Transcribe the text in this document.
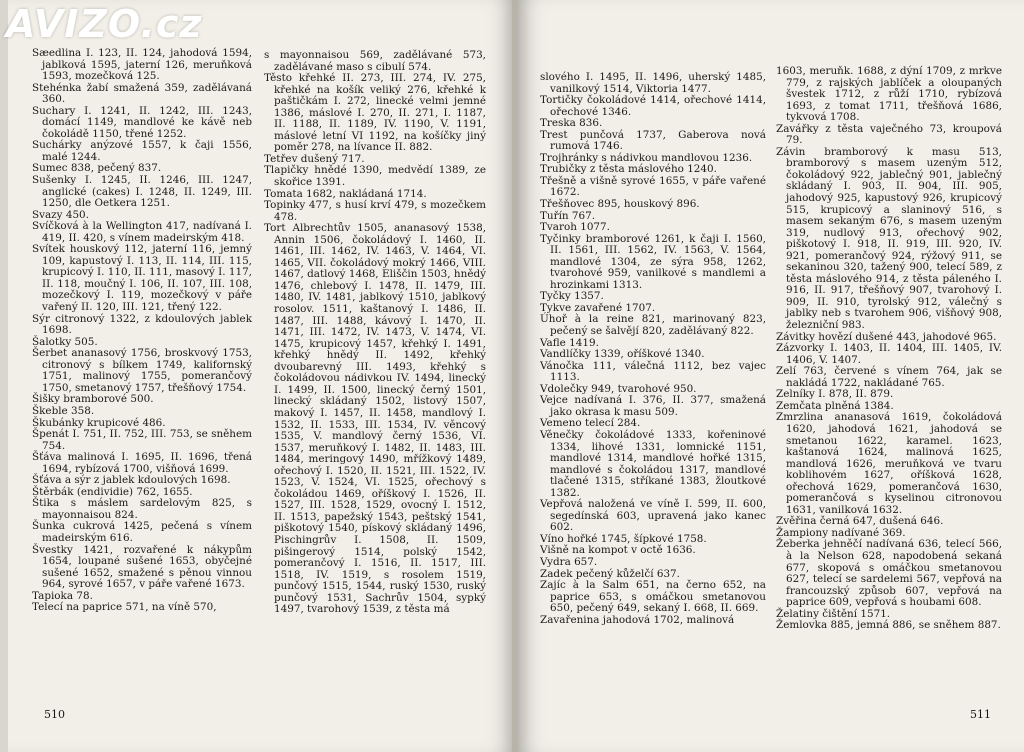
Sæedlina I. 123, II. 124, jahodová 1594, jablková 1595, jaterní 126, meruňková 1593, mozečková 125.

Stehénka žabí smažená 359, zadělávaná 360.

Suchary I. 1241, II. 1242, III. 1243, domácí 1149, mandlové ke kávě neb čokoládě 1150, třené 1252.

Suchárky anýzové 1557, k čaji 1556, malé 1244.

Sumec 838, pečený 837.

Sušenky I. 1245, II. 1246, III. 1247, anglické (cakes) I. 1248, II. 1249, III. 1250, dle Oetkera 1251.

Svazy 450.

Svíčková à la Wellington 417, nadívaná I. 419, II. 420, s vínem madeirským 418.

Svítek houskový 112, jaterní 116, jemný 109, kapustový I. 113, II. 114, III. 115, krupicový I. 110, II. 111, masový I. 117, II. 118, moučný I. 106, II. 107, III. 108, mozečkový I. 119, mozečkový v páře vařený II. 120, III. 121, třený 122.

Sýr citronový 1322, z kdoulových jablek 1698.

Šalotky 505.

Šerbet ananasový 1756, broskvový 1753, citronový s bílkem 1749, kalifornský 1751, malinový 1755, pomerančový 1750, smetanový 1757, třešňový 1754.

Šišky bramborové 500.

Škeble 358.

Škubánky krupicové 486.

Špenát I. 751, II. 752, III. 753, se sněhem 754.

Šťáva malinová I. 1695, II. 1696, třená 1694, rybízová 1700, višňová 1699.

Šťáva a sýr z jablek kdoulových 1698.

Štěrbák (endividie) 762, 1655.

Štika s máslem sardelovým 825, s mayonnaisou 824.

Šunka cukrová 1425, pečená s vínem madeirským 616.

Švestky 1421, rozvařené k nákypům 1654, loupané sušené 1653, obyčejné sušené 1652, smažené s pěnou vinnou 964, syrové 1657, v páře vařené 1673.

Tapioka 78.

Telecí na paprice 571, na víně 570,

s mayonnaisou 569, zadělávané 573, zadělávané maso s cibulí 574.

Těsto křehké II. 273, III. 274, IV. 275, křehké na košík veliký 276, křehké k paštičkám I. 272, linecké velmi jemné 1386, máslové I. 270, II. 271, I. 1187, II. 1188, II. 1189, IV. 1190, V. 1191, máslové letní VI 1192, na košíčky jiný poměr 278, na lívance II. 882.

Tetřev dušený 717.

Tlapičky hnědé 1390, medvědí 1389, ze skořice 1391.

Tomata 1682, nakládaná 1714.

Topinky 477, s husí krví 479, s mozečkem 478.

Tort Albrechtův 1505, ananasový 1538, Annin 1506, čokoládový I. 1460, II. 1461, III. 1462, IV. 1463, V. 1464, VI. 1465, VII. čokoládový mokrý 1466, VIII. 1467, datlový 1468, Eliščin 1503, hnědý 1476, chlebový I. 1478, II. 1479, III. 1480, IV. 1481, jablkový 1510, jablkový rosolov. 1511, kaštanový I. 1486, II. 1487, III. 1488, kávový I. 1470, II. 1471, III. 1472, IV. 1473, V. 1474, VI. 1475, krupicový 1457, křehký I. 1491, křehký hnědý II. 1492, křehký dvoubarevný III. 1493, křehký s čokoládovou nádivkou IV. 1494, linecký I. 1499, II. 1500, linecký černý 1501, linecký skládaný 1502, listový 1507, makový I. 1457, II. 1458, mandlový I. 1532, II. 1533, III. 1534, IV. věncový 1535, V. mandlový černý 1536, VI. 1537, meruňkový I. 1482, II. 1483, III. 1484, meringový 1490, mřížkový 1489, ořechový I. 1520, II. 1521, III. 1522, IV. 1523, V. 1524, VI. 1525, ořechový s čokoládou 1469, oříškový I. 1526, II. 1527, III. 1528, 1529, ovocný I. 1512, II. 1513, papežský 1543, peštský 1541, piškotový 1540, pískový skládaný 1496, Pischingrův I. 1508, II. 1509, pišingerový 1514, polský 1542, pomerančový I. 1516, II. 1517, III. 1518, IV. 1519, s rosolem 1519, punčový 1515, 1544, ruský 1530, ruský punčový 1531, Sachrův 1504, sypký 1497, tvarohový 1539, z těsta má

510

slového I. 1495, II. 1496, uherský 1485, vanilkový 1514, Viktoria 1477.

Tortičky čokoládové 1414, ořechové 1414, ořechové 1346.

Treska 836.

Trest punčová 1737, Gaberova nová rumová 1746.

Trojhránky s nádivkou mandlovou 1236.

Trubičky z těsta máslového 1240.

Třešně a višně syrové 1655, v páře vařené 1672.

Třešňovec 895, houskový 896.

Tuřín 767.

Tvaroh 1077.

Tyčinky bramborové 1261, k čaji I. 1560, II. 1561, III. 1562, IV. 1563, V. 1564, mandlové 1304, ze sýra 958, 1262, tvarohové 959, vanilkové s mandlemi a hrozinkami 1313.

Tyčky 1357.

Tykve zavařené 1707.

Úhoř à la reine 821, marinovaný 823, pečený se šalvějí 820, zadělávaný 822.

Vafle 1419.

Vandlíčky 1339, oříškové 1340.

Vánočka 111, válečná 1112, bez vajec 1113.

Vdolečky 949, tvarohové 950.

Vejce nadívaná I. 376, II. 377, smažená jako okrasa k masu 509.

Vemeno telecí 284.

Věnečky čokoládové 1333, kořeninové 1334, lihové 1331, lomnické 1151, mandlové 1314, mandlové hořké 1315, mandlové s čokoládou 1317, mandlové tlačené 1315, stříkané 1383, žloutkové 1382.

Vepřová naložená ve víně I. 599, II. 600, segedínská 603, upravená jako kanec 602.

Víno hořké 1745, šípkové 1758.

Višně na kompot v octě 1636.

Vydra 657.

Zadek pečený kůželčí 637.

Zajíc à la Salm 651, na černo 652, na paprice 653, s omáčkou smetanovou 650, pečený 649, sekaný I. 668, II. 669.

Zavařenina jahodová 1702, malinová

1603, meruňk. 1688, z dýní 1709, z mrkve 779, z rajských jablíček a oloupaných švestek 1712, z růží 1710, rybízová 1693, z tomat 1711, třešňová 1686, tykvová 1708.

Zavářky z těsta vaječného 73, kroupová 79.

Závin bramborový k masu 513, bramborový s masem uzeným 512, čokoládový 922, jablečný 901, jablečný skládaný I. 903, II. 904, III. 905, jahodový 925, kapustový 926, krupicový 515, krupicový a slaninový 516, s masem sekaným 676, s masem uzeným 319, nudlový 913, ořechový 902, piškotový I. 918, II. 919, III. 920, IV. 921, pomerančový 924, rýžový 911, se sekaninou 320, tažený 900, telecí 589, z těsta máslového 914, z těsta páleného I. 916, II. 917, třešňový 907, tvarohový I. 909, II. 910, tyrolský 912, válečný s jablky neb s tvarohem 906, višňový 908, železniční 983.

Závitky hovězí dušené 443, jahodové 965.

Zázvorky I. 1403, II. 1404, III. 1405, IV. 1406, V. 1407.

Zelí 763, červené s vínem 764, jak se nakládá 1722, nakládané 765.

Zelníky I. 878, II. 879.

Zemčata plněná 1384.

Zmrzlina ananasová 1619, čokoládová 1620, jahodová 1621, jahodová se smetanou 1622, karamel. 1623, kaštanová 1624, malinová 1625, mandlová 1626, meruňková ve tvaru koblihovém 1627, oříšková 1628, ořechová 1629, pomerančová 1630, pomerančová s kyselinou citronovou 1631, vanilková 1632.

Zvěřina černá 647, dušená 646.

Žampiony nadívané 369.

Žeberka jehněčí nadívaná 636, telecí 566, à la Nelson 628, napodobená sekaná 677, skopová s omáčkou smetanovou 627, telecí se sardelemi 567, vepřová na francouzský způsob 607, vepřová na paprice 609, vepřová s houbami 608.

Želatiny čištění 1571.

Žemlovka 885, jemná 886, se sněhem 887.

511
AVIZO.cz
